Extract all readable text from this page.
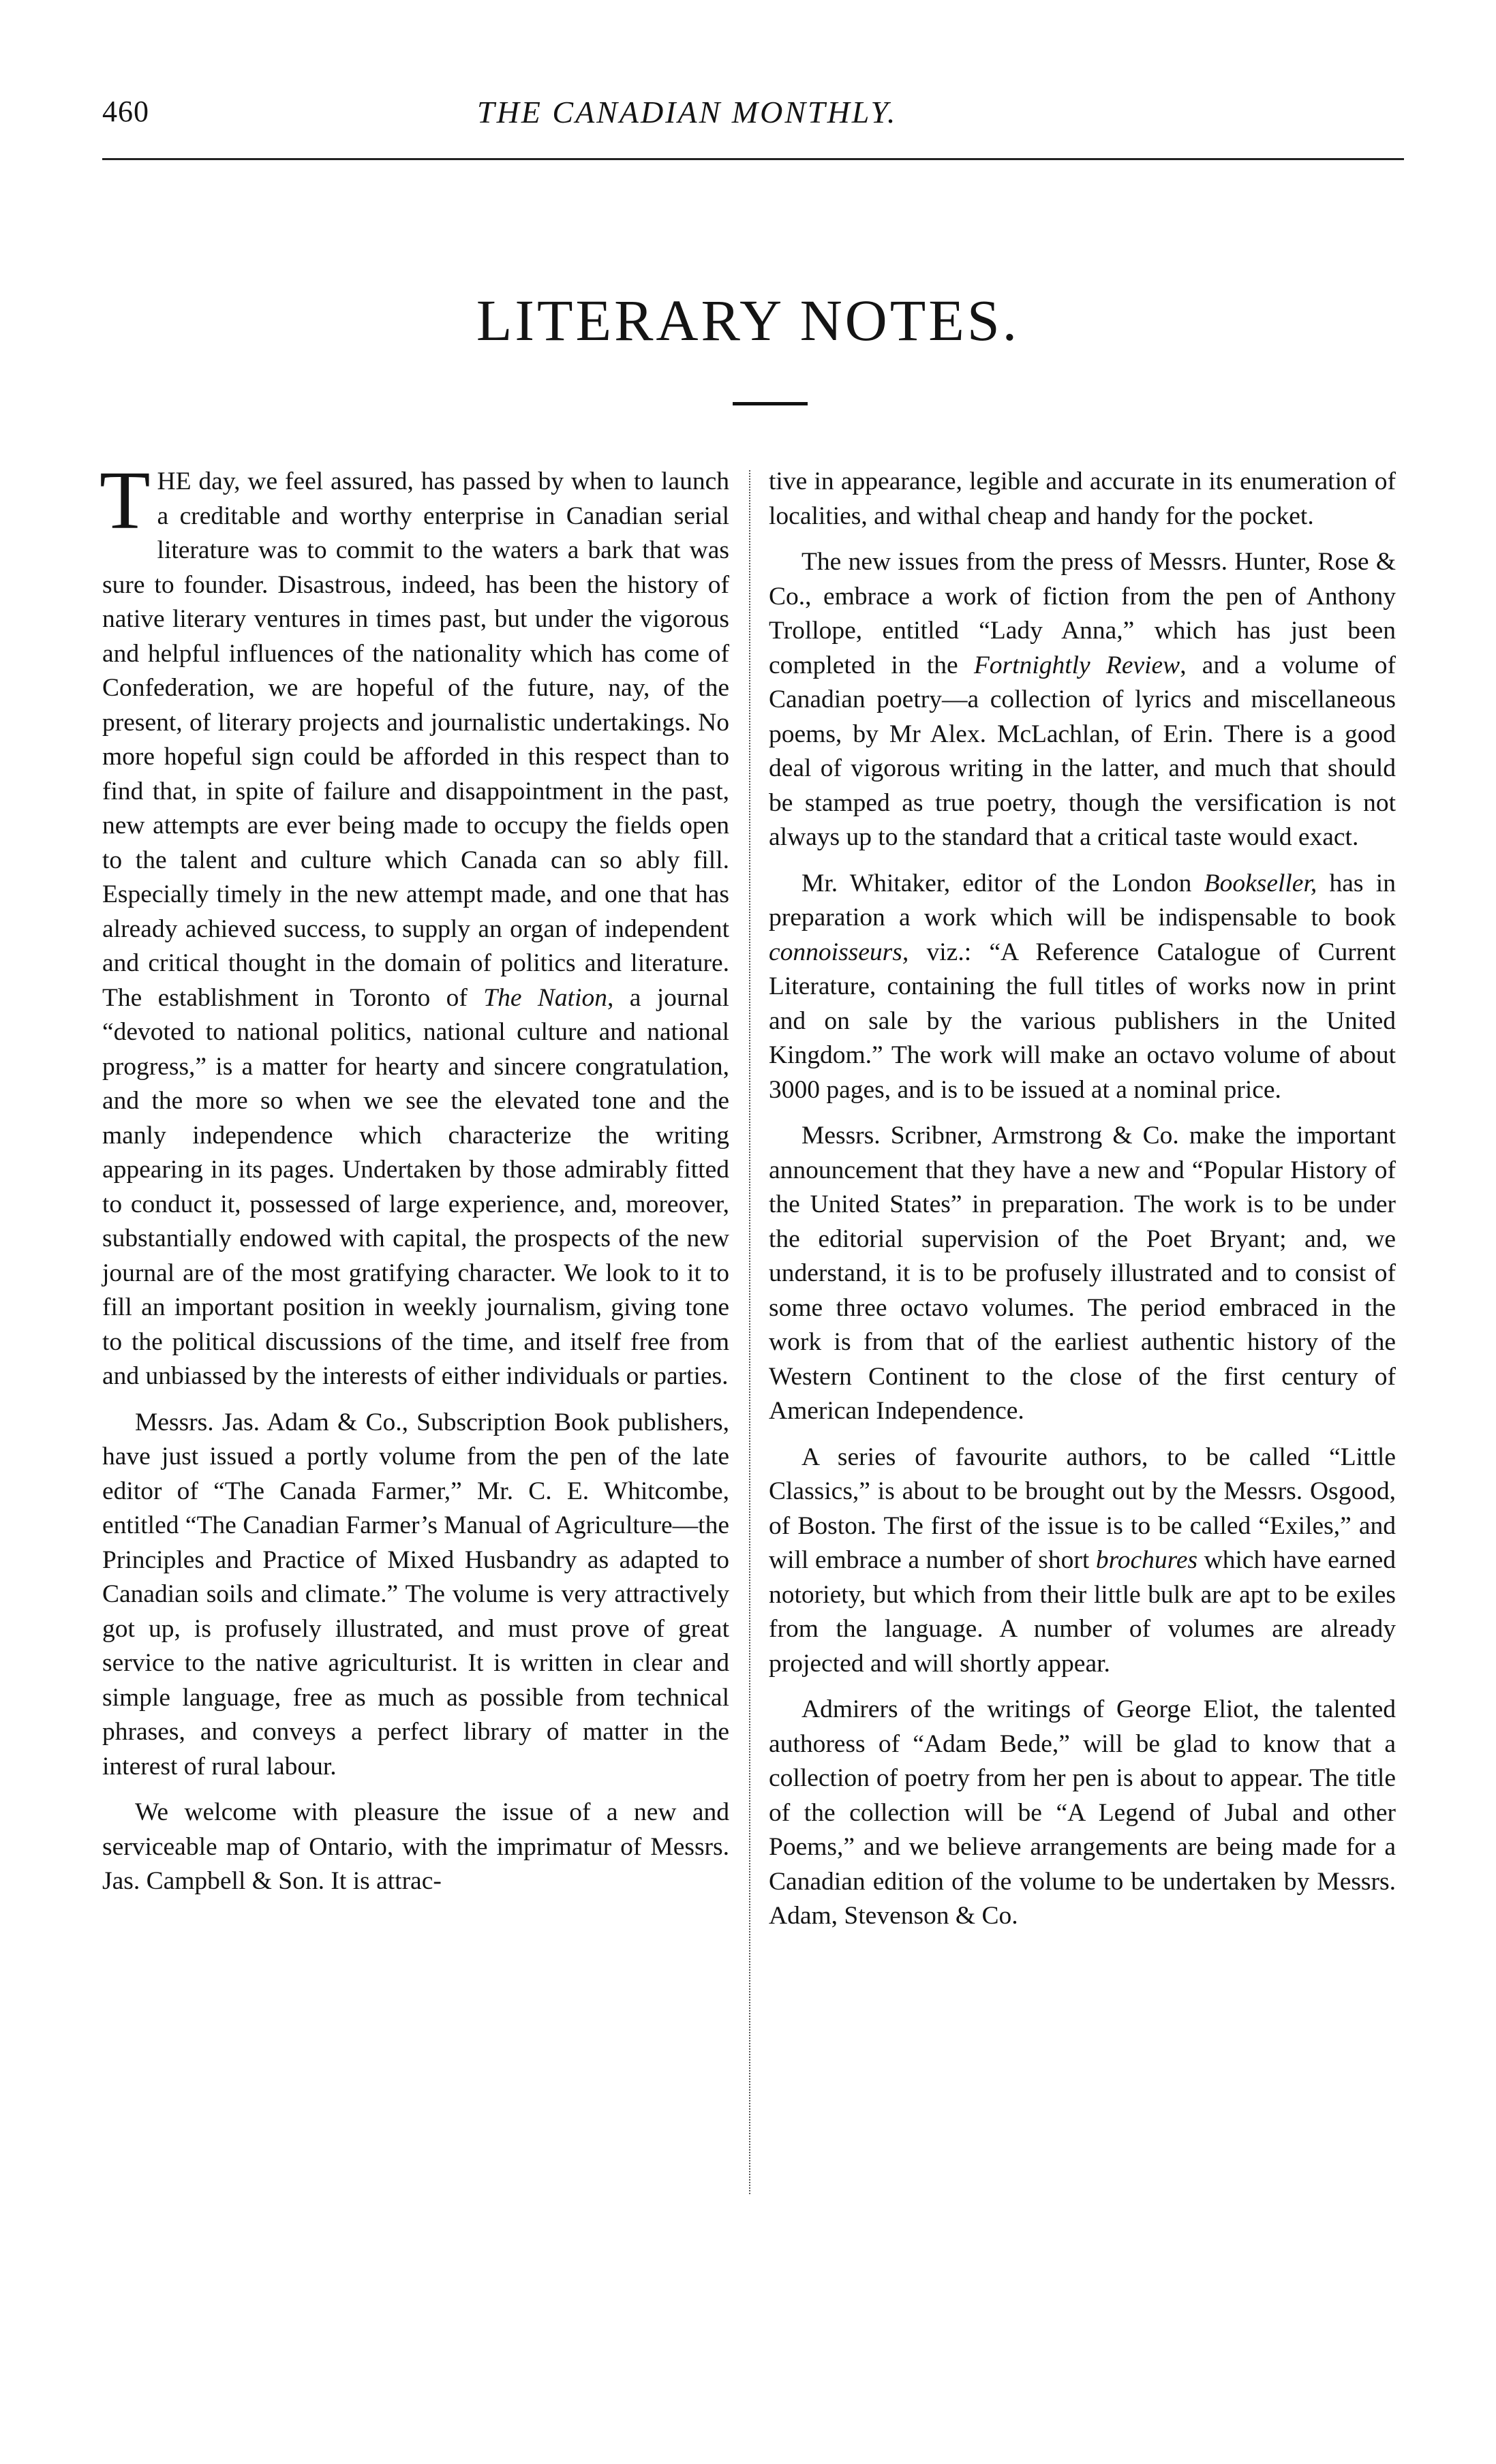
460	THE CANADIAN MONTHLY.
LITERARY NOTES.

THE day, we feel assured, has passed by when to launch a creditable and worthy enterprise in Canadian serial literature was to commit to the waters a bark that was sure to founder. Disastrous, indeed, has been the history of native literary ventures in times past, but under the vigorous and helpful influences of the nationality which has come of Confederation, we are hopeful of the future, nay, of the present, of literary projects and journalistic undertakings. No more hopeful sign could be afforded in this respect than to find that, in spite of failure and disappointment in the past, new attempts are ever being made to occupy the fields open to the talent and culture which Canada can so ably fill. Especially timely in the new attempt made, and one that has already achieved success, to supply an organ of independent and critical thought in the domain of politics and literature. The establishment in Toronto of The Nation, a journal “devoted to national politics, national culture and national progress,” is a matter for hearty and sincere congratulation, and the more so when we see the elevated tone and the manly independence which characterize the writing appearing in its pages. Undertaken by those admirably fitted to conduct it, possessed of large experience, and, moreover, substantially endowed with capital, the prospects of the new journal are of the most gratifying character. We look to it to fill an important position in weekly journalism, giving tone to the political discussions of the time, and itself free from and unbiassed by the interests of either individuals or parties.

Messrs. Jas. Adam & Co., Subscription Book publishers, have just issued a portly volume from the pen of the late editor of “The Canada Farmer,” Mr. C. E. Whitcombe, entitled “The Canadian Farmer’s Manual of Agriculture—the Principles and Practice of Mixed Husbandry as adapted to Canadian soils and climate.” The volume is very attractively got up, is profusely illustrated, and must prove of great service to the native agriculturist. It is written in clear and simple language, free as much as possible from technical phrases, and conveys a perfect library of matter in the interest of rural labour.

We welcome with pleasure the issue of a new and serviceable map of Ontario, with the imprimatur of Messrs. Jas. Campbell & Son. It is attrac-

tive in appearance, legible and accurate in its enumeration of localities, and withal cheap and handy for the pocket.

The new issues from the press of Messrs. Hunter, Rose & Co., embrace a work of fiction from the pen of Anthony Trollope, entitled “Lady Anna,” which has just been completed in the Fortnightly Review, and a volume of Canadian poetry—a collection of lyrics and miscellaneous poems, by Mr Alex. McLachlan, of Erin. There is a good deal of vigorous writing in the latter, and much that should be stamped as true poetry, though the versification is not always up to the standard that a critical taste would exact.

Mr. Whitaker, editor of the London Bookseller, has in preparation a work which will be indispensable to book connoisseurs, viz.: “A Reference Catalogue of Current Literature, containing the full titles of works now in print and on sale by the various publishers in the United Kingdom.” The work will make an octavo volume of about 3000 pages, and is to be issued at a nominal price.

Messrs. Scribner, Armstrong & Co. make the important announcement that they have a new and “Popular History of the United States” in preparation. The work is to be under the editorial supervision of the Poet Bryant; and, we understand, it is to be profusely illustrated and to consist of some three octavo volumes. The period embraced in the work is from that of the earliest authentic history of the Western Continent to the close of the first century of American Independence.

A series of favourite authors, to be called “Little Classics,” is about to be brought out by the Messrs. Osgood, of Boston. The first of the issue is to be called “Exiles,” and will embrace a number of short brochures which have earned notoriety, but which from their little bulk are apt to be exiles from the language. A number of volumes are already projected and will shortly appear.

Admirers of the writings of George Eliot, the talented authoress of “Adam Bede,” will be glad to know that a collection of poetry from her pen is about to appear. The title of the collection will be “A Legend of Jubal and other Poems,” and we believe arrangements are being made for a Canadian edition of the volume to be undertaken by Messrs. Adam, Stevenson & Co.
